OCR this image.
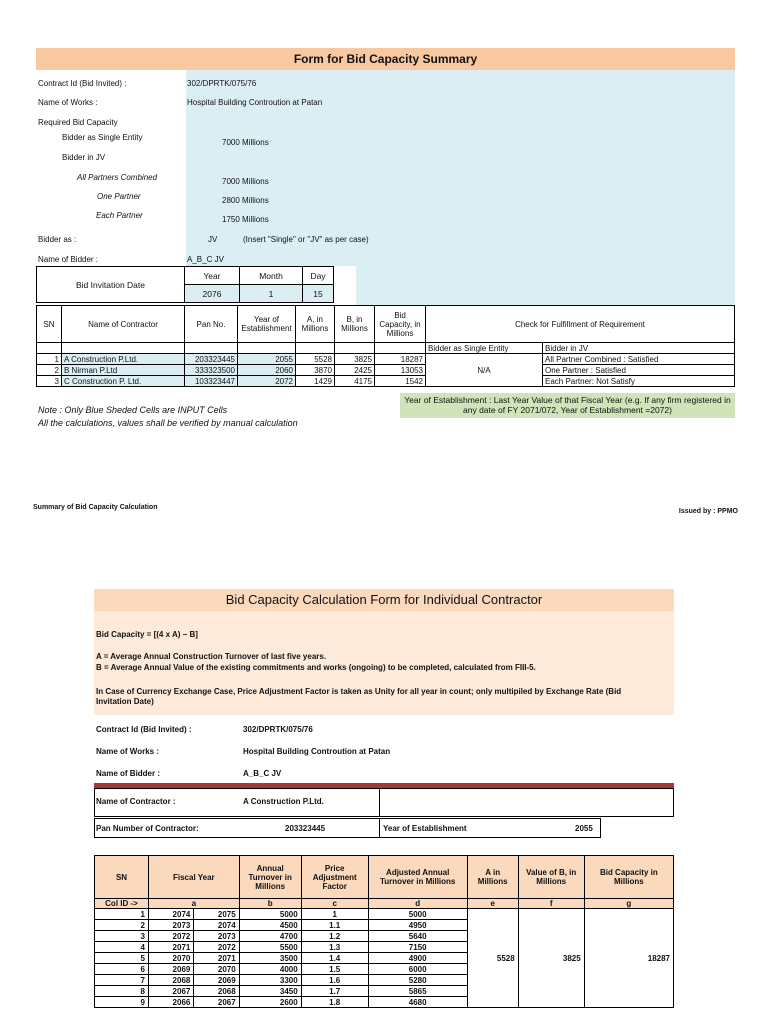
Form for Bid Capacity Summary
Contract Id (Bid Invited) :	302/DPRTK/075/76
Name of Works :	Hospital Building Controution at Patan
Required Bid Capacity
Bidder as Single Entity
7000 Millions
Bidder in JV
All Partners Combined	7000 Millions
One Partner	2800 Millions
Each Partner	1750 Millions
Bidder as :	JV	(Insert "Single" or "JV" as per case)
Name of Bidder :	A_B_C JV
Bid Invitation Date	Year	Month	Day
	2076	1	15
SN	Name of Contractor	Pan No.	Year of Establishment	A, in Millions	B, in Millions	Bid Capacity, in Millions	Check for Fulfillment of Requirement	
							Bidder as Single Entity	Bidder in JV
1	A Construction P.Ltd.	203323445	2055	5528	3825	18287	N/A	All Partner Combined : Satisfied
2	B Nirman P.Ltd	333323500	2060	3870	2425	13053		One Partner : Satisfied
3	C Construction P. Ltd.	103323447	2072	1429	4175	1542		Each Partner: Not Satisfy
Year of Establishment : Last Year Value of that Fiscal Year (e.g. If any firm registered in any date of FY 2071/072, Year of Establishment =2072)
Note : Only Blue Sheded Cells are INPUT Cells
All the calculations, values shall be verified by manual calculation
Summary of Bid Capacity Calculation
Issued by : PPMO
Bid Capacity Calculation Form for Individual Contractor
Bid Capacity = [(4 x A) − B]
A = Average Annual Construction Turnover of last five years.
B = Average Annual Value of the existing commitments and works (ongoing) to be completed, calculated from FIII-5.
In Case of Currency Exchange Case, Price Adjustment Factor is taken as Unity for all year in count; only multipiled by Exchange Rate (Bid Invitation Date)
Contract Id (Bid Invited) :	302/DPRTK/075/76
Name of Works :	Hospital Building Controution at Patan
Name of Bidder :	A_B_C JV
Name of Contractor :	A Construction P.Ltd.
Pan Number of Contractor:	203323445	Year of Establishment	2055
SN	Fiscal Year		Annual Turnover in Millions	Price Adjustment Factor	Adjusted Annual Turnover in Millions	A in Millions	Value of B, in Millions	Bid Capacity in Millions
Col ID ->	a		b	c	d	e	f	g
1	2074	2075	5000	1	5000	5528	3825	18287
2	2073	2074	4500	1.1	4950			
3	2072	2073	4700	1.2	5640			
4	2071	2072	5500	1.3	7150			
5	2070	2071	3500	1.4	4900			
6	2069	2070	4000	1.5	6000			
7	2068	2069	3300	1.6	5280			
8	2067	2068	3450	1.7	5865			
9	2066	2067	2600	1.8	4680			
